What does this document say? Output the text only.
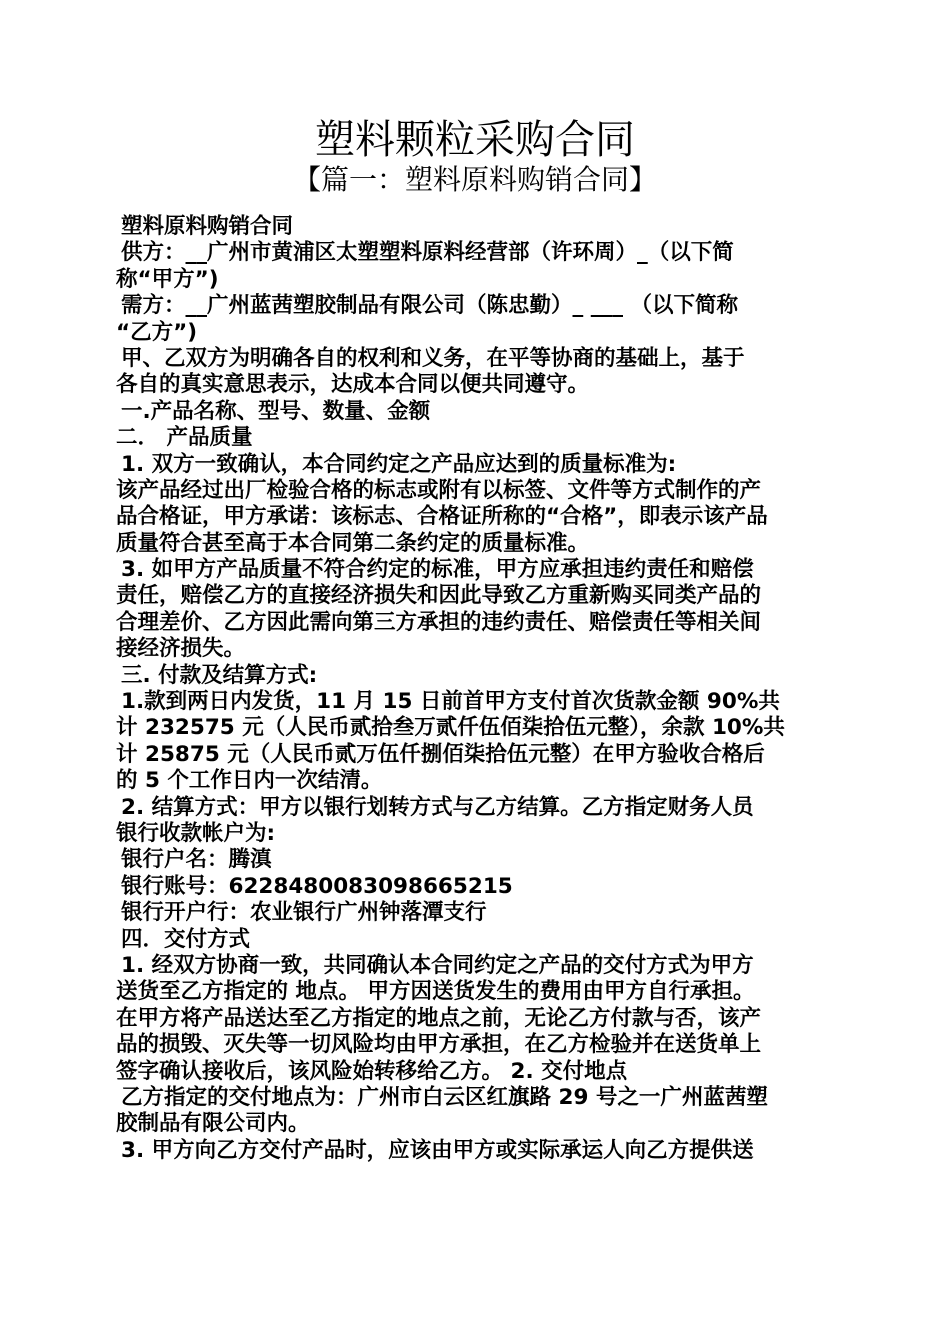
塑料颗粒采购合同
【篇一：塑料原料购销合同】
塑料原料购销合同
供方：__广州市黄浦区太塑塑料原料经营部（许环周）_（以下简
称“甲方”)
需方：__广州蓝茜塑胶制品有限公司（陈忠勤）_ ___ （以下简称
“乙方”)
甲、乙双方为明确各自的权利和义务，在平等协商的基础上，基于
各自的真实意思表示，达成本合同以便共同遵守。
一.产品名称、型号、数量、金额
二． 产品质量
1. 双方一致确认，本合同约定之产品应达到的质量标准为:
该产品经过出厂检验合格的标志或附有以标签、文件等方式制作的产
品合格证，甲方承诺：该标志、合格证所称的“合格”，即表示该产品
质量符合甚至高于本合同第二条约定的质量标准。
3. 如甲方产品质量不符合约定的标准，甲方应承担违约责任和赔偿
责任，赔偿乙方的直接经济损失和因此导致乙方重新购买同类产品的
合理差价、乙方因此需向第三方承担的违约责任、赔偿责任等相关间
接经济损失。
三. 付款及结算方式:
1.款到两日内发货，11 月 15 日前首甲方支付首次货款金额 90%共
计 232575 元（人民币贰拾叁万贰仟伍佰柒拾伍元整），余款 10%共
计 25875 元（人民币贰万伍仟捌佰柒拾伍元整）在甲方验收合格后
的 5 个工作日内一次结清。
2. 结算方式：甲方以银行划转方式与乙方结算。乙方指定财务人员
银行收款帐户为:
银行户名：腾滇
银行账号：6228480083098665215
银行开户行：农业银行广州钟落潭支行
四．交付方式
1. 经双方协商一致，共同确认本合同约定之产品的交付方式为甲方
送货至乙方指定的 地点。 甲方因送货发生的费用由甲方自行承担。
在甲方将产品送达至乙方指定的地点之前，无论乙方付款与否，该产
品的损毁、灭失等一切风险均由甲方承担，在乙方检验并在送货单上
签字确认接收后，该风险始转移给乙方。 2. 交付地点
乙方指定的交付地点为：广州市白云区红旗路 29 号之一广州蓝茜塑
胶制品有限公司内。
3. 甲方向乙方交付产品时，应该由甲方或实际承运人向乙方提供送
